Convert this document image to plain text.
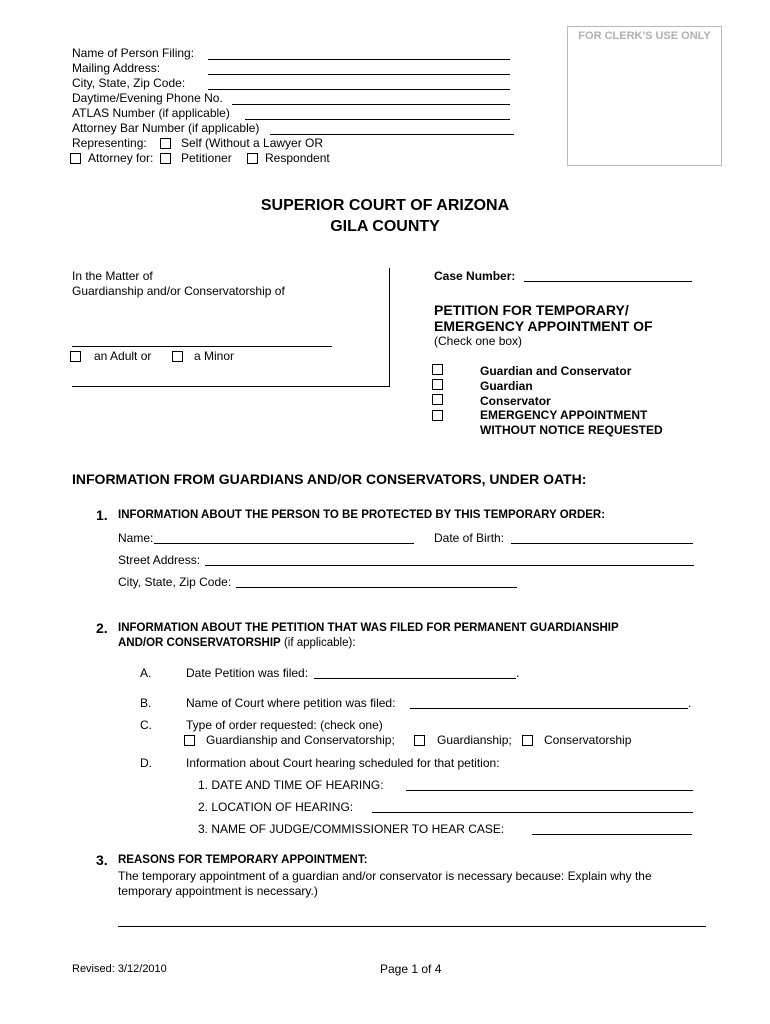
FOR CLERK'S USE ONLY
Name of Person Filing:
Mailing Address:
City, State, Zip Code:
Daytime/Evening Phone No.
ATLAS Number (if applicable)
Attorney Bar Number (if applicable)
Representing:	Self (Without a Lawyer OR
Attorney for: Petitioner	Respondent
SUPERIOR COURT OF ARIZONA
GILA COUNTY
In the Matter of
Guardianship and/or Conservatorship of
an Adult or	a Minor
Case Number:
PETITION FOR TEMPORARY/
EMERGENCY APPOINTMENT OF
(Check one box)
Guardian and Conservator
Guardian
Conservator
EMERGENCY APPOINTMENT
WITHOUT NOTICE REQUESTED
INFORMATION FROM GUARDIANS AND/OR CONSERVATORS, UNDER OATH:
1. INFORMATION ABOUT THE PERSON TO BE PROTECTED BY THIS TEMPORARY ORDER:
Name:	Date of Birth:
Street Address:
City, State, Zip Code:
2. INFORMATION ABOUT THE PETITION THAT WAS FILED FOR PERMANENT GUARDIANSHIP
AND/OR CONSERVATORSHIP (if applicable):
A.	Date Petition was filed:	.
B.	Name of Court where petition was filed:	.
C.	Type of order requested: (check one)
Guardianship and Conservatorship;	Guardianship;	Conservatorship
D.	Information about Court hearing scheduled for that petition:
1. DATE AND TIME OF HEARING:
2. LOCATION OF HEARING:
3. NAME OF JUDGE/COMMISSIONER TO HEAR CASE:
3. REASONS FOR TEMPORARY APPOINTMENT:
The temporary appointment of a guardian and/or conservator is necessary because: Explain why the
temporary appointment is necessary.)
Revised: 3/12/2010	Page 1 of 4
